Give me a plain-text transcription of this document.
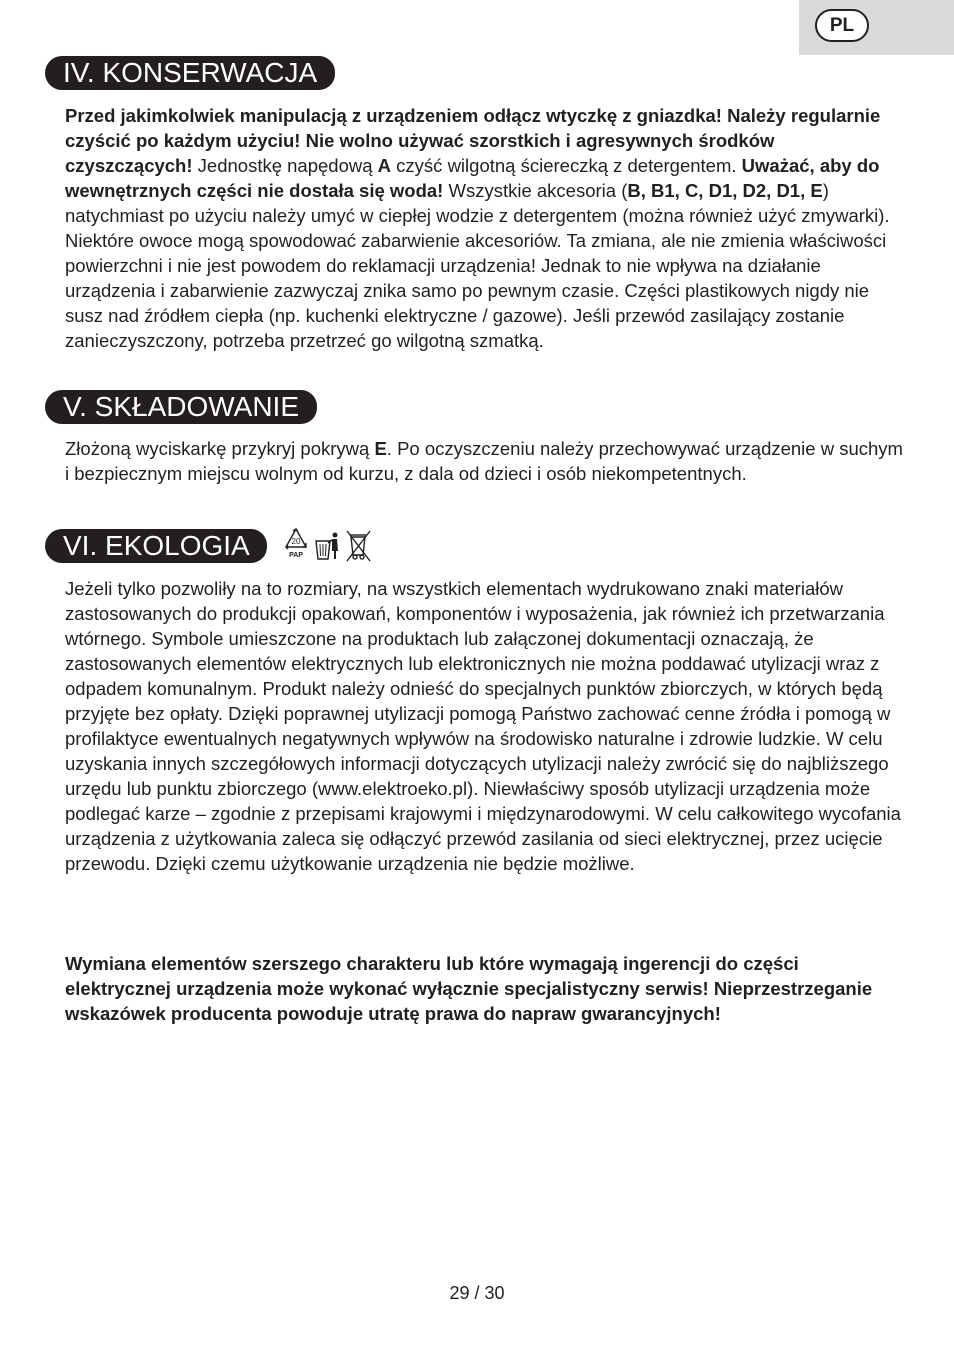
PL
IV. KONSERWACJA

Przed jakimkolwiek manipulacją z urządzeniem odłącz wtyczkę z gniazdka! Należy regularnie czyścić po każdym użyciu! Nie wolno używać szorstkich i agresywnych środków czyszczących! Jednostkę napędową A czyść wilgotną ściereczką z detergentem. Uważać, aby do wewnętrznych części nie dostała się woda! Wszystkie akcesoria (B, B1, C, D1, D2, D1, E) natychmiast po użyciu należy umyć w ciepłej wodzie z detergentem (można również użyć zmywarki). Niektóre owoce mogą spowodować zabarwienie akcesoriów. Ta zmiana, ale nie zmienia właściwości powierzchni i nie jest powodem do reklamacji urządzenia! Jednak to nie wpływa na działanie urządzenia i zabarwienie zazwyczaj znika samo po pewnym czasie. Części plastikowych nigdy nie susz nad źródłem ciepła (np. kuchenki elektryczne / gazowe). Jeśli przewód zasilający zostanie zanieczyszczony, potrzeba przetrzeć go wilgotną szmatką.

V. SKŁADOWANIE

Złożoną wyciskarkę przykryj pokrywą E. Po oczyszczeniu należy przechowywać urządzenie w suchym i bezpiecznym miejscu wolnym od kurzu, z dala od dzieci i osób niekompetentnych.

VI. EKOLOGIA	20
PAP

Jeżeli tylko pozwoliły na to rozmiary, na wszystkich elementach wydrukowano znaki materiałów zastosowanych do produkcji opakowań, komponentów i wyposażenia, jak również ich przetwarzania wtórnego. Symbole umieszczone na produktach lub załączonej dokumentacji oznaczają, że zastosowanych elementów elektrycznych lub elektronicznych nie można poddawać utylizacji wraz z odpadem komunalnym. Produkt należy odnieść do specjalnych punktów zbiorczych, w których będą przyjęte bez opłaty. Dzięki poprawnej utylizacji pomogą Państwo zachować cenne źródła i pomogą w profilaktyce ewentualnych negatywnych wpływów na środowisko naturalne i zdrowie ludzkie. W celu uzyskania innych szczegółowych informacji dotyczących utylizacji należy zwrócić się do najbliższego urzędu lub punktu zbiorczego (www.elektroeko.pl). Niewłaściwy sposób utylizacji urządzenia może podlegać karze – zgodnie z przepisami krajowymi i międzynarodowymi. W celu całkowitego wycofania urządzenia z użytkowania zaleca się odłączyć przewód zasilania od sieci elektrycznej, przez ucięcie przewodu. Dzięki czemu użytkowanie urządzenia nie będzie możliwe.

Wymiana elementów szerszego charakteru lub które wymagają ingerencji do części elektrycznej urządzenia może wykonać wyłącznie specjalistyczny serwis! Nieprzestrzeganie wskazówek producenta powoduje utratę prawa do napraw gwarancyjnych!

29 / 30
